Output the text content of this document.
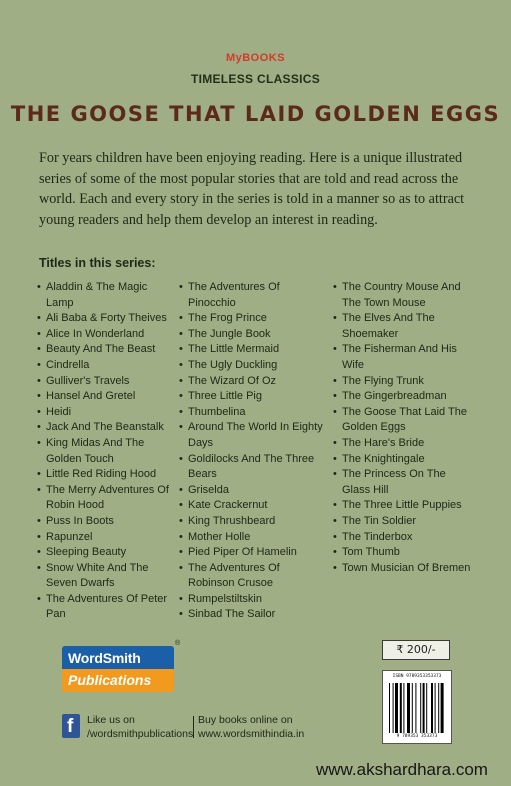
MyBOOKS
TIMELESS CLASSICS
THE GOOSE THAT LAID GOLDEN EGGS
For years children have been enjoying reading. Here is a unique illustrated series of some of the most popular stories that are told and read across the world. Each and every story in the series is told in a manner so as to attract young readers and help them develop an interest in reading.
Titles in this series:
• Aladdin & The Magic Lamp
• Ali Baba & Forty Theives
• Alice In Wonderland
• Beauty And The Beast
• Cindrella
• Gulliver's Travels
• Hansel And Gretel
• Heidi
• Jack And The Beanstalk
• King Midas And The Golden Touch
• Little Red Riding Hood
• The Merry Adventures Of Robin Hood
• Puss In Boots
• Rapunzel
• Sleeping Beauty
• Snow White And The Seven Dwarfs
• The Adventures Of Peter Pan
• The Adventures Of Pinocchio
• The Frog Prince
• The Jungle Book
• The Little Mermaid
• The Ugly Duckling
• The Wizard Of Oz
• Three Little Pig
• Thumbelina
• Around The World In Eighty Days
• Goldilocks And The Three Bears
• Griselda
• Kate Crackernut
• King Thrushbeard
• Mother Holle
• Pied Piper Of Hamelin
• The Adventures Of Robinson Crusoe
• Rumpelstiltskin
• Sinbad The Sailor
• The Country Mouse And The Town Mouse
• The Elves And The Shoemaker
• The Fisherman And His Wife
• The Flying Trunk
• The Gingerbreadman
• The Goose That Laid The Golden Eggs
• The Hare's Bride
• The Knightingale
• The Princess On The Glass Hill
• The Three Little Puppies
• The Tin Soldier
• The Tinderbox
• Tom Thumb
• Town Musician Of Bremen
WordSmith
Publications
®	₹ 200/-
ISBN 9789353353373
9 789353 353373
f Like us on
/wordsmithpublications
Buy books online on
www.wordsmithindia.in
www.akshardhara.com
